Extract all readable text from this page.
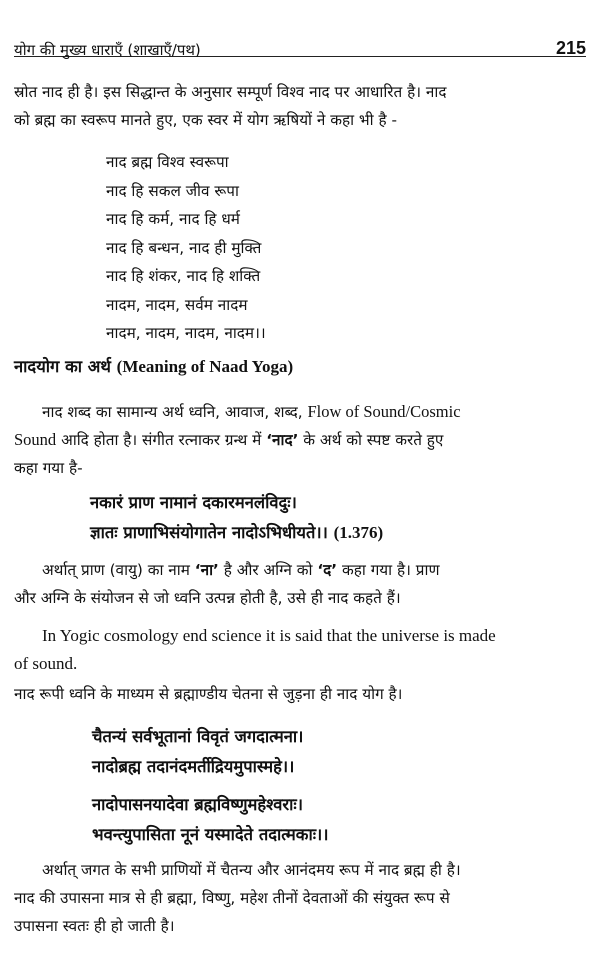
योग की मुख्य धाराएँ (शाखाएँ/पथ)	215
स्रोत नाद ही है। इस सिद्धान्त के अनुसार सम्पूर्ण विश्व नाद पर आधारित है। नाद
को ब्रह्म का स्वरूप मानते हुए, एक स्वर में योग ऋषियों ने कहा भी है -
नाद ब्रह्म विश्व स्वरूपा
नाद हि सकल जीव रूपा
नाद हि कर्म, नाद हि धर्म
नाद हि बन्धन, नाद ही मुक्ति
नाद हि शंकर, नाद हि शक्ति
नादम, नादम, सर्वम नादम
नादम, नादम, नादम, नादम।।
नादयोग का अर्थ (Meaning of Naad Yoga)
नाद शब्द का सामान्य अर्थ ध्वनि, आवाज, शब्द, Flow of Sound/Cosmic
Sound आदि होता है। संगीत रत्नाकर ग्रन्थ में ‘नाद’ के अर्थ को स्पष्ट करते हुए
कहा गया है-
नकारं प्राण नामानं दकारमनलंविदुः।
ज्ञातः प्राणाभिसंयोगातेन नादोऽभिधीयते।। (1.376)
अर्थात् प्राण (वायु) का नाम ‘ना’ है और अग्नि को ‘द’ कहा गया है। प्राण
और अग्नि के संयोजन से जो ध्वनि उत्पन्न होती है, उसे ही नाद कहते हैं।
In Yogic cosmology end science it is said that the universe is made
of sound.
नाद रूपी ध्वनि के माध्यम से ब्रह्माण्डीय चेतना से जुड़ना ही नाद योग है।
चैतन्यं सर्वभूतानां विवृतं जगदात्मना।
नादोब्रह्म तदानंदमर्तीद्रियमुपास्महे।।
नादोपासनयादेवा ब्रह्मविष्णुमहेश्वराः।
भवन्त्युपासिता नूनं यस्मादेते तदात्मकाः।।
अर्थात् जगत के सभी प्राणियों में चैतन्य और आनंदमय रूप में नाद ब्रह्म ही है।
नाद की उपासना मात्र से ही ब्रह्मा, विष्णु, महेश तीनों देवताओं की संयुक्त रूप से
उपासना स्वतः ही हो जाती है।
